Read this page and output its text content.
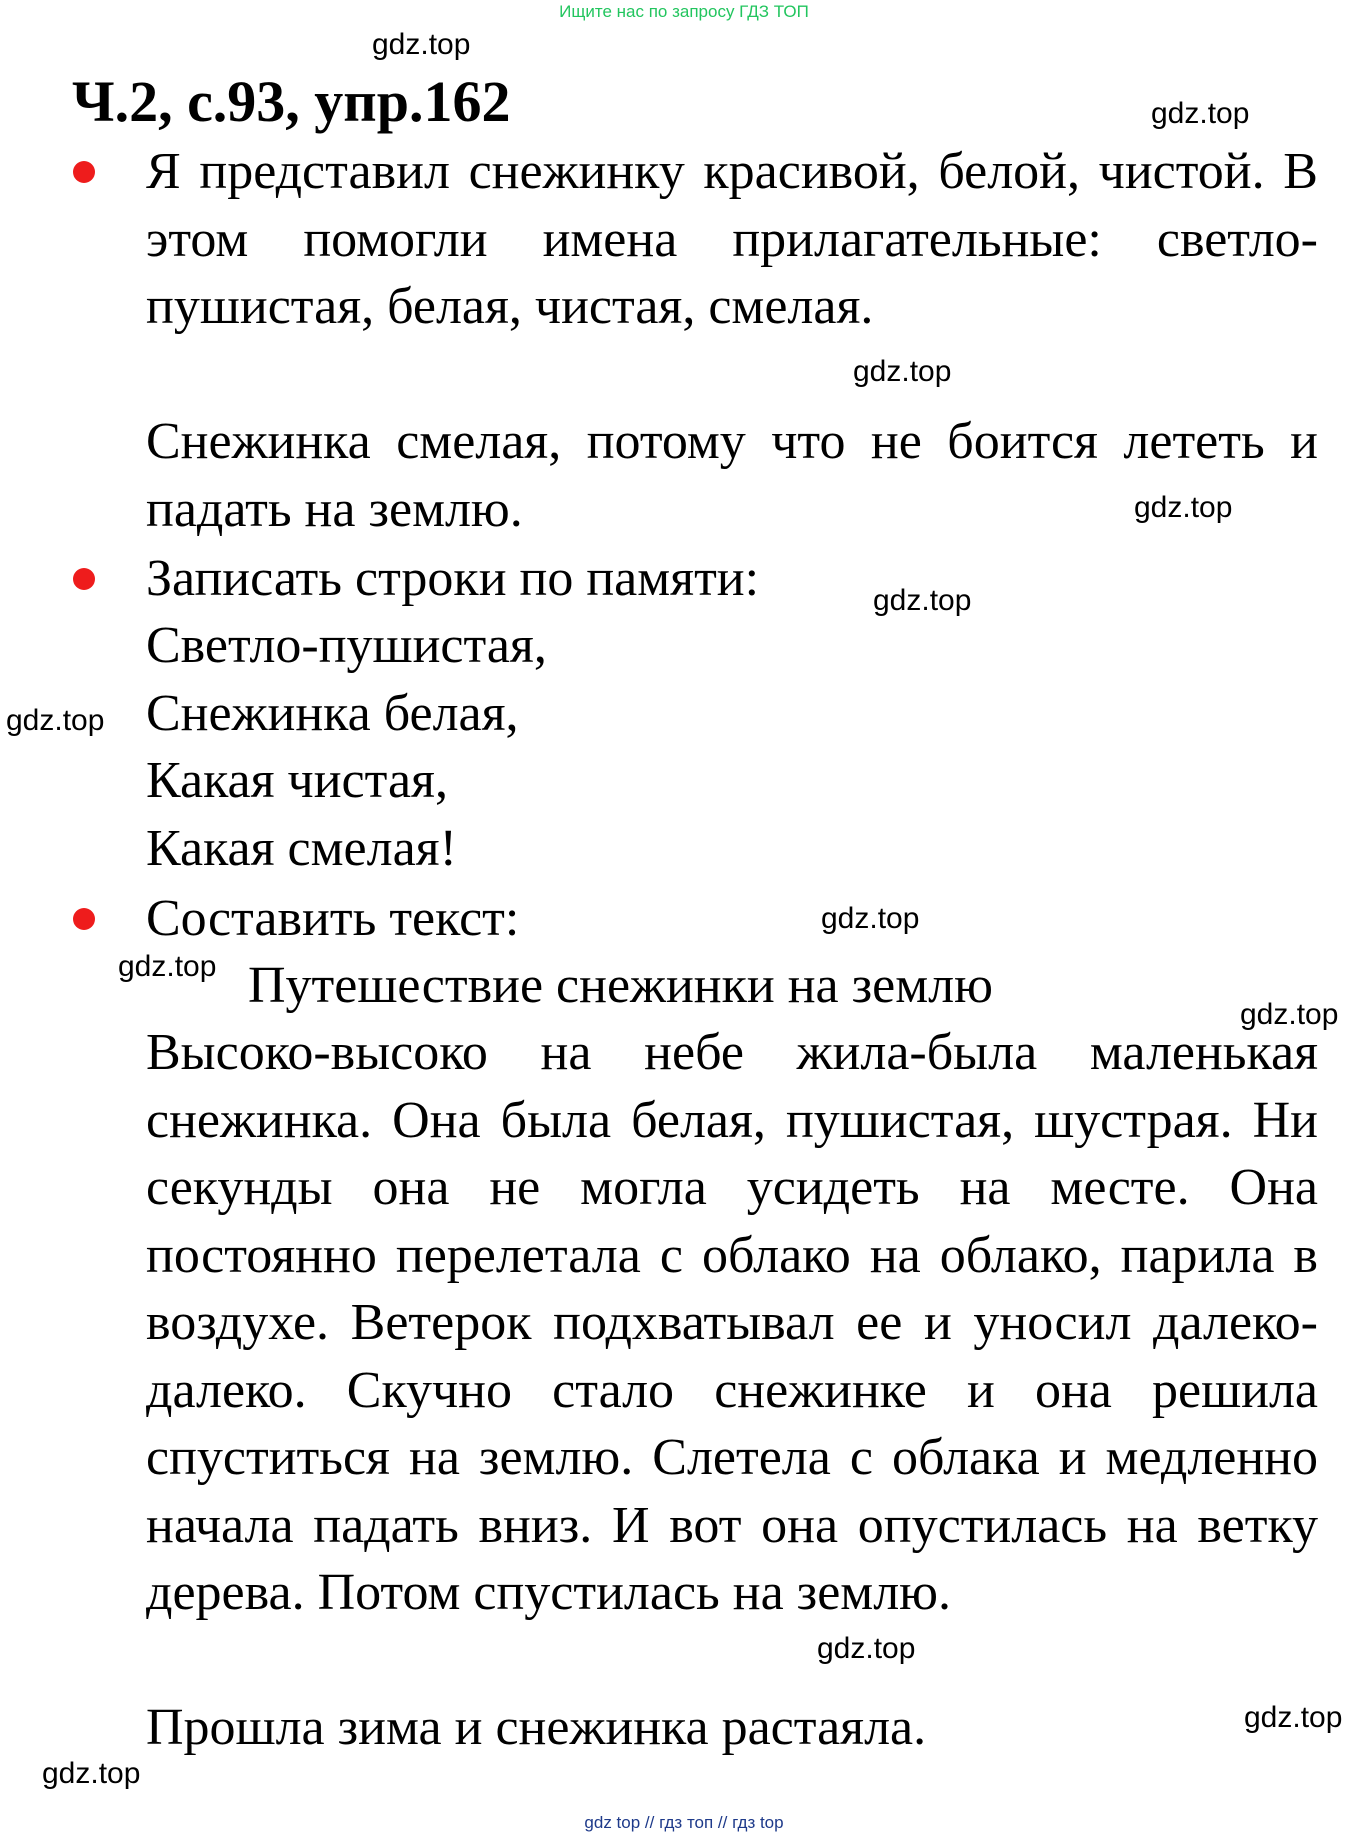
Ищите нас по запросу ГДЗ ТОП
Ч.2, с.93, упр.162
Я представил снежинку красивой, белой, чистой. В этом помогли имена прилагательные: светло-пушистая, белая, чистая, смелая.
Снежинка смелая, потому что не боится лететь и падать на землю.
Записать строки по памяти:
Светло-пушистая,
Снежинка белая,
Какая чистая,
Какая смелая!
Составить текст:
Путешествие снежинки на землю
Высоко-высоко на небе жила-была маленькая снежинка. Она была белая, пушистая, шустрая. Ни секунды она не могла усидеть на месте. Она постоянно перелетала с облако на облако, парила в воздухе. Ветерок подхватывал ее и уносил далеко-далеко. Скучно стало снежинке и она решила спуститься на землю. Слетела с облака и медленно начала падать вниз. И вот она опустилась на ветку дерева. Потом спустилась на землю.
Прошла зима и снежинка растаяла.
gdz.top
gdz.top
gdz.top
gdz.top
gdz.top
gdz.top
gdz.top
gdz.top
gdz.top
gdz.top
gdz.top
gdz.top
gdz top // гдз топ // гдз top
